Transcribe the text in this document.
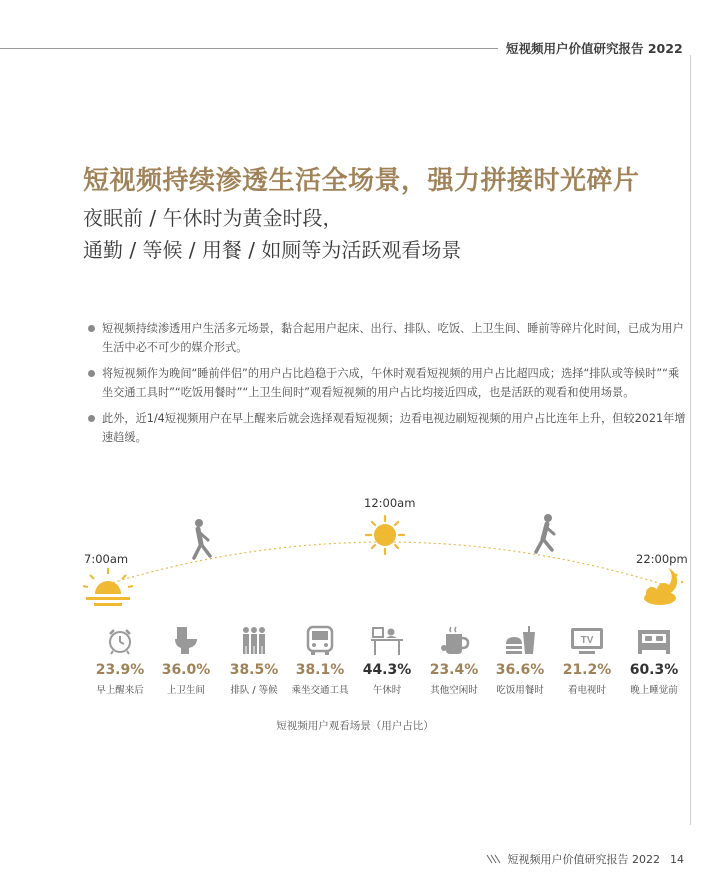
短视频用户价值研究报告 2022
短视频持续渗透生活全场景，强力拼接时光碎片
夜眠前 / 午休时为黄金时段，
通勤 / 等候 / 用餐 / 如厕等为活跃观看场景
短视频持续渗透用户生活多元场景，黏合起用户起床、出行、排队、吃饭、上卫生间、睡前等碎片化时间，已成为用户生活中必不可少的媒介形式。
将短视频作为晚间“睡前伴侣”的用户占比趋稳于六成，午休时观看短视频的用户占比超四成；选择“排队或等候时”“乘坐交通工具时”“吃饭用餐时”“上卫生间时”观看短视频的用户占比均接近四成，也是活跃的观看和使用场景。
此外，近1/4短视频用户在早上醒来后就会选择观看短视频；边看电视边刷短视频的用户占比连年上升，但较2021年增速趋缓。
7:00am
12:00am
22:00pm
23.9%
早上醒来后
36.0%
上卫生间
38.5%
排队 / 等候
38.1%
乘坐交通工具
44.3%
午休时
23.4%
其他空闲时
36.6%
吃饭用餐时
TV
21.2%
看电视时
60.3%
晚上睡觉前
短视频用户观看场景（用户占比）
短视频用户价值研究报告 2022 14
